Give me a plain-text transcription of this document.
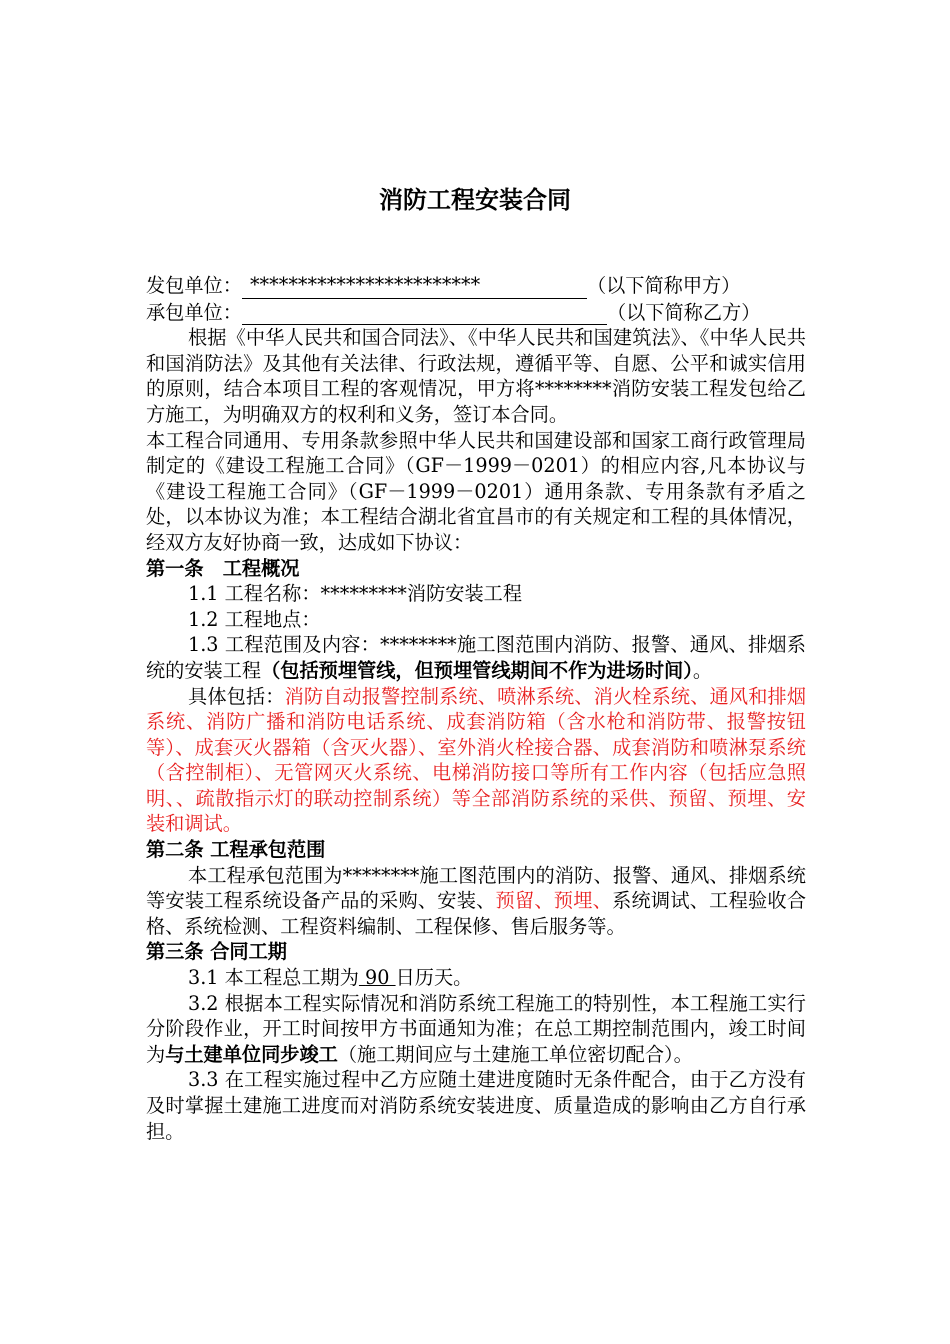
消防工程安装合同
发包单位： ************************	（以下简称甲方）
承包单位：	（以下简称乙方）

根据《中华人民共和国合同法》、《中华人民共和国建筑法》、《中华人民共和国消防法》及其他有关法律、行政法规，遵循平等、自愿、公平和诚实信用的原则，结合本项目工程的客观情况，甲方将********消防安装工程发包给乙方施工，为明确双方的权利和义务，签订本合同。

本工程合同通用、专用条款参照中华人民共和国建设部和国家工商行政管理局制定的《建设工程施工合同》（GF－1999－0201）的相应内容,凡本协议与《建设工程施工合同》（GF－1999－0201）通用条款、专用条款有矛盾之处，以本协议为准；本工程结合湖北省宜昌市的有关规定和工程的具体情况，经双方友好协商一致，达成如下协议：

第一条　工程概况

1.1 工程名称：*********消防安装工程

1.2 工程地点：

1.3 工程范围及内容：********施工图范围内消防、报警、通风、排烟系统的安装工程（包括预埋管线，但预埋管线期间不作为进场时间）。

具体包括：消防自动报警控制系统、喷淋系统、消火栓系统、通风和排烟系统、消防广播和消防电话系统、成套消防箱（含水枪和消防带、报警按钮等）、成套灭火器箱（含灭火器）、室外消火栓接合器、成套消防和喷淋泵系统（含控制柜）、无管网灭火系统、电梯消防接口等所有工作内容（包括应急照明、、疏散指示灯的联动控制系统）等全部消防系统的采供、预留、预埋、安装和调试。

第二条 工程承包范围

本工程承包范围为********施工图范围内的消防、报警、通风、排烟系统等安装工程系统设备产品的采购、安装、预留、预埋、系统调试、工程验收合格、系统检测、工程资料编制、工程保修、售后服务等。

第三条 合同工期

3.1 本工程总工期为 90 日历天。

3.2 根据本工程实际情况和消防系统工程施工的特别性，本工程施工实行分阶段作业，开工时间按甲方书面通知为准；在总工期控制范围内，竣工时间为与土建单位同步竣工（施工期间应与土建施工单位密切配合）。

3.3 在工程实施过程中乙方应随土建进度随时无条件配合，由于乙方没有及时掌握土建施工进度而对消防系统安装进度、质量造成的影响由乙方自行承担。
